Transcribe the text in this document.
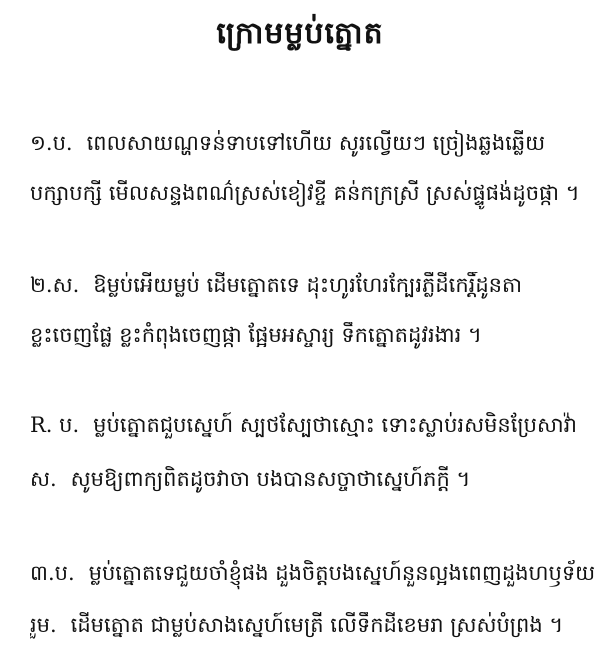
ក្រោមម្លប់ត្នោត
១.ប. ពេលសាយណ្ហទន់ទាបទៅហើយ សូរល្វើយៗ ច្រៀងឆ្លងឆ្លើយ
បក្សាបក្សី មើលសន្ទងពណ៌ស្រស់ខៀវខ្ចី គន់កក្រស្រី ស្រស់ផ្ទូផង់ដូចផ្កា ។
២.ស. ឱម្លប់អើយម្លប់ ដើមត្នោតទេ ដុះហូរហែរក្បែរភ្លឺដីកេរ្តិ៍ដូនតា
ខ្លះចេញផ្លែ ខ្លះកំពុងចេញផ្កា ផ្អែមអស្ចារ្យ ទឹកត្នោតដូវរងារ ។
R. ប. ម្លប់ត្នោតជួបស្នេហ៍ ស្បថស្បែថាស្មោះ ទោះស្លាប់រសមិនប្រែសាវ៉ា
ស. សូមឱ្យពាក្យពិតដូចវាចា បងបានសច្ចាថាស្នេហ៍ភក្តី ។
៣.ប. ម្លប់ត្នោតទេជួយចាំខ្ញុំផង ដួងចិត្តបងស្នេហ៍នួនល្អងពេញដួងហឫទ័យ
រួម. ដើមត្នោត ជាម្លប់សាងស្នេហ៍មេត្រី លើទឹកដីខេមរា ស្រស់បំព្រង ។
